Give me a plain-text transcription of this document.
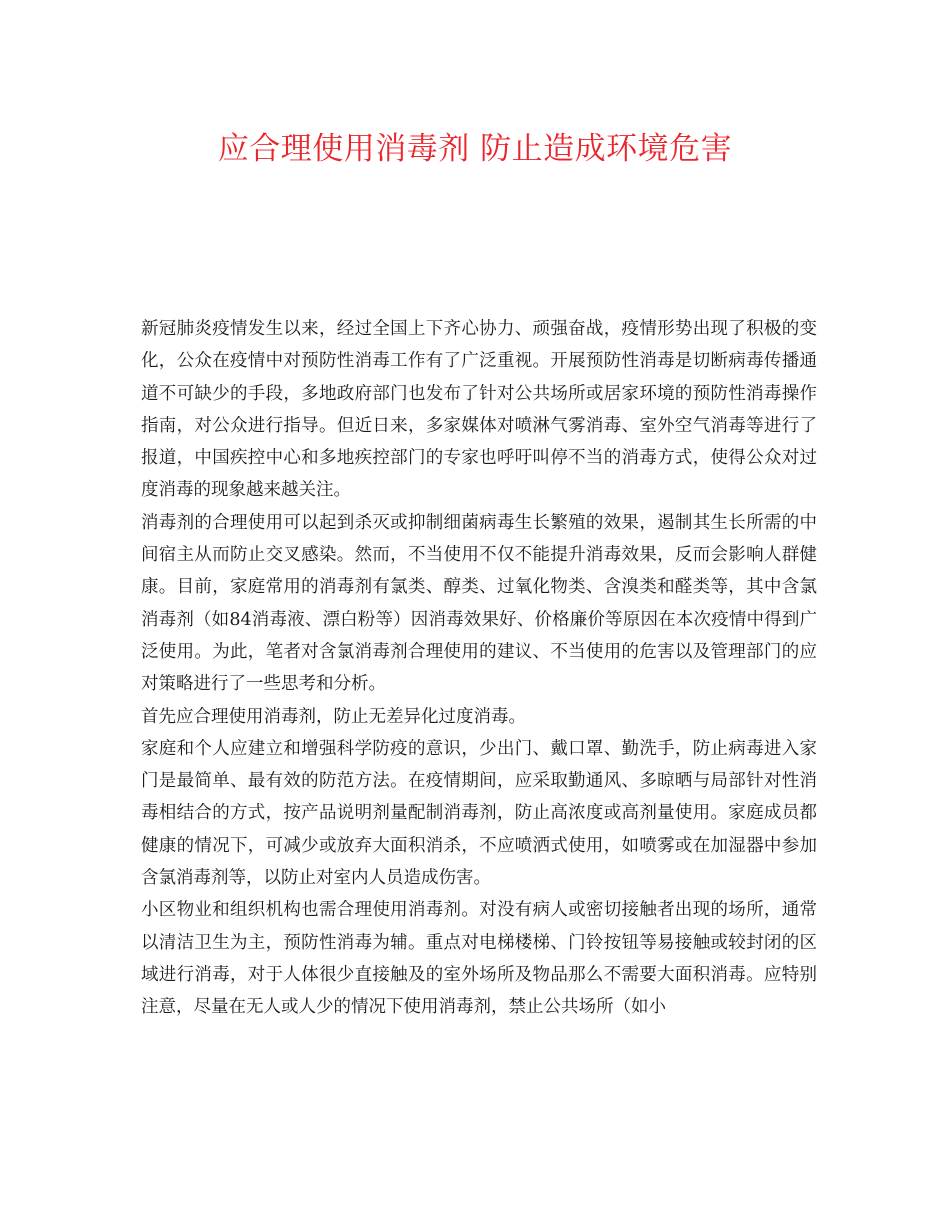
应合理使用消毒剂 防止造成环境危害

新冠肺炎疫情发生以来，经过全国上下齐心协力、顽强奋战，疫情形势出现了积极的变化，公众在疫情中对预防性消毒工作有了广泛重视。开展预防性消毒是切断病毒传播通道不可缺少的手段，多地政府部门也发布了针对公共场所或居家环境的预防性消毒操作指南，对公众进行指导。但近日来，多家媒体对喷淋气雾消毒、室外空气消毒等进行了报道，中国疾控中心和多地疾控部门的专家也呼吁叫停不当的消毒方式，使得公众对过度消毒的现象越来越关注。

消毒剂的合理使用可以起到杀灭或抑制细菌病毒生长繁殖的效果，遏制其生长所需的中间宿主从而防止交叉感染。然而，不当使用不仅不能提升消毒效果，反而会影响人群健康。目前，家庭常用的消毒剂有氯类、醇类、过氧化物类、含溴类和醛类等，其中含氯消毒剂（如84消毒液、漂白粉等）因消毒效果好、价格廉价等原因在本次疫情中得到广泛使用。为此，笔者对含氯消毒剂合理使用的建议、不当使用的危害以及管理部门的应对策略进行了一些思考和分析。

首先应合理使用消毒剂，防止无差异化过度消毒。

家庭和个人应建立和增强科学防疫的意识，少出门、戴口罩、勤洗手，防止病毒进入家门是最简单、最有效的防范方法。在疫情期间，应采取勤通风、多晾晒与局部针对性消毒相结合的方式，按产品说明剂量配制消毒剂，防止高浓度或高剂量使用。家庭成员都健康的情况下，可减少或放弃大面积消杀，不应喷洒式使用，如喷雾或在加湿器中参加含氯消毒剂等，以防止对室内人员造成伤害。

小区物业和组织机构也需合理使用消毒剂。对没有病人或密切接触者出现的场所，通常以清洁卫生为主，预防性消毒为辅。重点对电梯楼梯、门铃按钮等易接触或较封闭的区域进行消毒，对于人体很少直接触及的室外场所及物品那么不需要大面积消毒。应特别注意，尽量在无人或人少的情况下使用消毒剂，禁止公共场所（如小
